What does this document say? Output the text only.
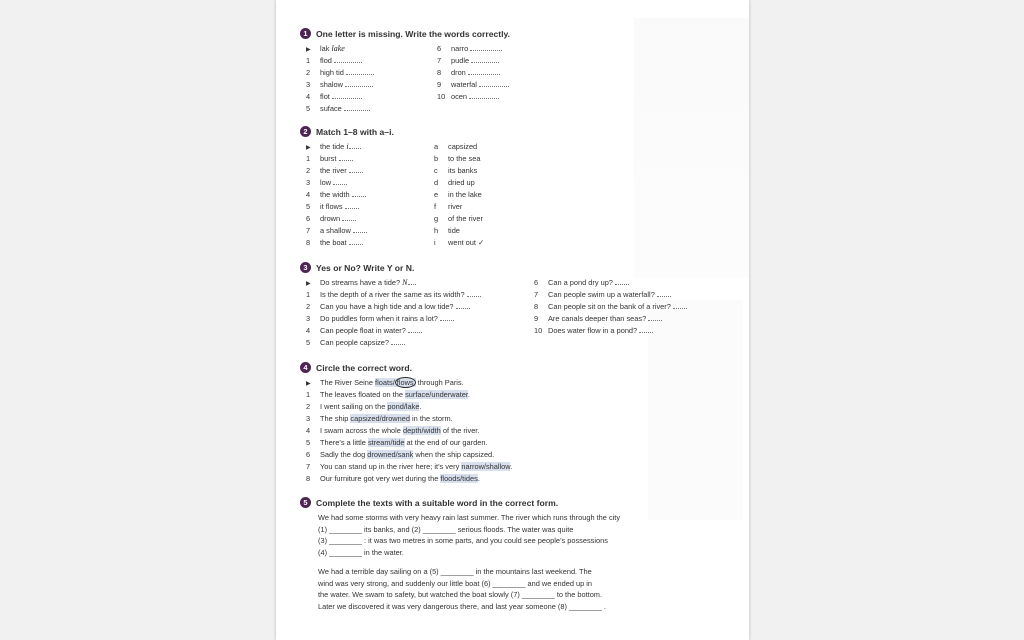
1 One letter is missing. Write the words correctly.
▶ lak lake	6 narro
1 flod	7 pudle
2 high tid	8 dron
3 shalow	9 waterfal
4 flot	10 ocen
5 suface
2 Match 1–8 with a–i.
▶ the tide i	a capsized
1 burst	b to the sea
2 the river	c its banks
3 low	d dried up
4 the width	e in the lake
5 it flows	f river
6 drown	g of the river
7 a shallow	h tide
8 the boat	i went out ✓
3 Yes or No? Write Y or N.
▶ Do streams have a tide? N	6 Can a pond dry up?
1 Is the depth of a river the same as its width?	7 Can people swim up a waterfall?
2 Can you have a high tide and a low tide?	8 Can people sit on the bank of a river?
3 Do puddles form when it rains a lot?	9 Are canals deeper than seas?
4 Can people float in water?	10 Does water flow in a pond?
5 Can people capsize?
4 Circle the correct word.
▶ The River Seine floats/ flows through Paris.
1 The leaves floated on the surface/underwater.
2 I went sailing on the pond/lake.
3 The ship capsized/drowned in the storm.
4 I swam across the whole depth/width of the river.
5 There’s a little stream/tide at the end of our garden.
6 Sadly the dog drowned/sank when the ship capsized.
7 You can stand up in the river here; it’s very narrow/shallow.
8 Our furniture got very wet during the floods/tides.
5 Complete the texts with a suitable word in the correct form.
We had some storms with very heavy rain last summer. The river which runs through the city
(1) ________ its banks, and (2) ________ serious floods. The water was quite
(3) ________ : it was two metres in some parts, and you could see people’s possessions
(4) ________ in the water.
We had a terrible day sailing on a (5) ________ in the mountains last weekend. The
wind was very strong, and suddenly our little boat (6) ________ and we ended up in
the water. We swam to safety, but watched the boat slowly (7) ________ to the bottom.
Later we discovered it was very dangerous there, and last year someone (8) ________ .
